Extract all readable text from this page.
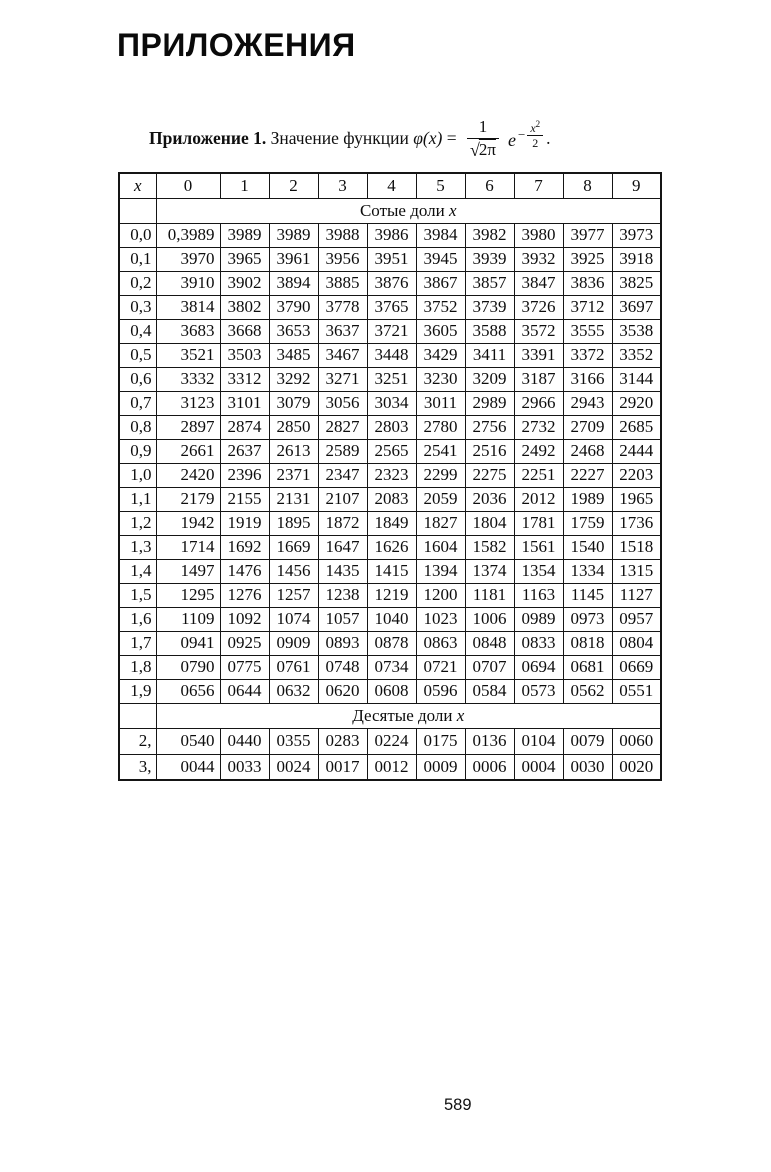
ПРИЛОЖЕНИЯ
Приложение 1. Значение функции $\varphi(x) = \frac{1}{√ 2\pi}$ $e - \frac{x^2}{2}$ .
x	0	1	2	3	4	5	6	7	8	9
	Сотые доли x									
0,0	0,3989	3989	3989	3988	3986	3984	3982	3980	3977	3973
0,1	3970	3965	3961	3956	3951	3945	3939	3932	3925	3918
0,2	3910	3902	3894	3885	3876	3867	3857	3847	3836	3825
0,3	3814	3802	3790	3778	3765	3752	3739	3726	3712	3697
0,4	3683	3668	3653	3637	3721	3605	3588	3572	3555	3538
0,5	3521	3503	3485	3467	3448	3429	3411	3391	3372	3352
0,6	3332	3312	3292	3271	3251	3230	3209	3187	3166	3144
0,7	3123	3101	3079	3056	3034	3011	2989	2966	2943	2920
0,8	2897	2874	2850	2827	2803	2780	2756	2732	2709	2685
0,9	2661	2637	2613	2589	2565	2541	2516	2492	2468	2444
1,0	2420	2396	2371	2347	2323	2299	2275	2251	2227	2203
1,1	2179	2155	2131	2107	2083	2059	2036	2012	1989	1965
1,2	1942	1919	1895	1872	1849	1827	1804	1781	1759	1736
1,3	1714	1692	1669	1647	1626	1604	1582	1561	1540	1518
1,4	1497	1476	1456	1435	1415	1394	1374	1354	1334	1315
1,5	1295	1276	1257	1238	1219	1200	1181	1163	1145	1127
1,6	1109	1092	1074	1057	1040	1023	1006	0989	0973	0957
1,7	0941	0925	0909	0893	0878	0863	0848	0833	0818	0804
1,8	0790	0775	0761	0748	0734	0721	0707	0694	0681	0669
1,9	0656	0644	0632	0620	0608	0596	0584	0573	0562	0551
	Десятые доли x									
2,	0540	0440	0355	0283	0224	0175	0136	0104	0079	0060
3,	0044	0033	0024	0017	0012	0009	0006	0004	0030	0020
589
